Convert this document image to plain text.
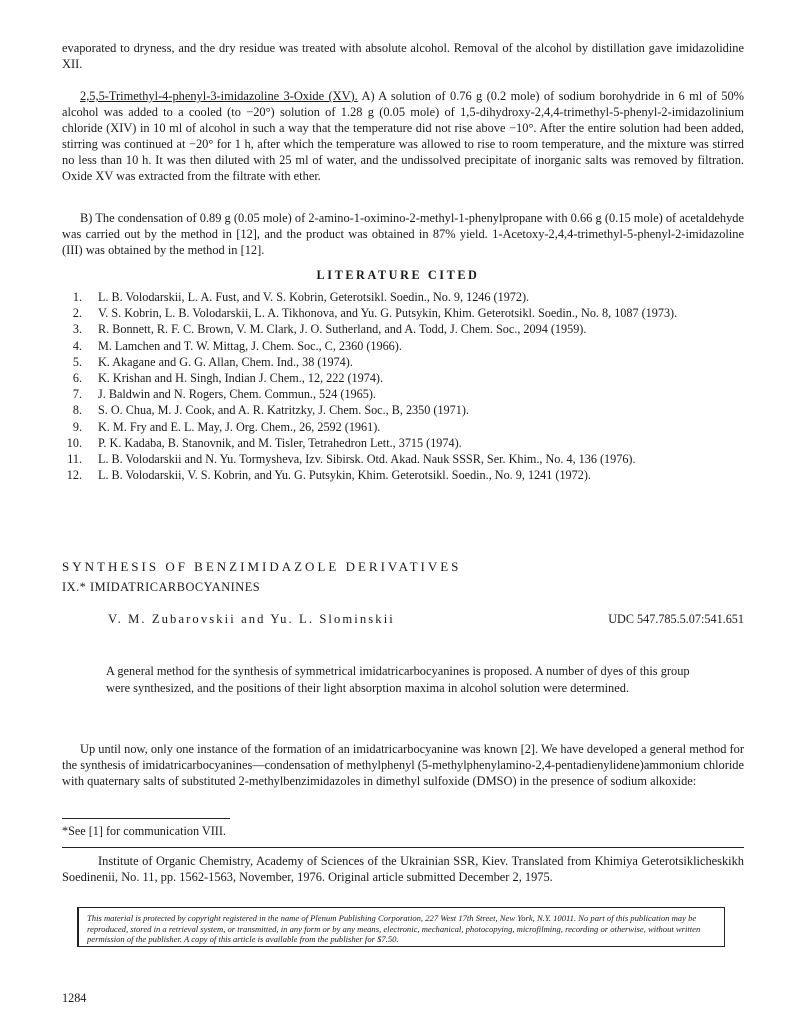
evaporated to dryness, and the dry residue was treated with absolute alcohol. Removal of the alcohol by distillation gave imidazolidine XII.

2,5,5-Trimethyl-4-phenyl-3-imidazoline 3-Oxide (XV). A) A solution of 0.76 g (0.2 mole) of sodium borohydride in 6 ml of 50% alcohol was added to a cooled (to −20°) solution of 1.28 g (0.05 mole) of 1,5-dihydroxy-2,4,4-trimethyl-5-phenyl-2-imidazolinium chloride (XIV) in 10 ml of alcohol in such a way that the temperature did not rise above −10°. After the entire solution had been added, stirring was continued at −20° for 1 h, after which the temperature was allowed to rise to room temperature, and the mixture was stirred no less than 10 h. It was then diluted with 25 ml of water, and the undissolved precipitate of inorganic salts was removed by filtration. Oxide XV was extracted from the filtrate with ether.

B) The condensation of 0.89 g (0.05 mole) of 2-amino-1-oximino-2-methyl-1-phenylpropane with 0.66 g (0.15 mole) of acetaldehyde was carried out by the method in [12], and the product was obtained in 87% yield. 1-Acetoxy-2,4,4-trimethyl-5-phenyl-2-imidazoline (III) was obtained by the method in [12].

LITERATURE CITED
1. L. B. Volodarskii, L. A. Fust, and V. S. Kobrin, Geterotsikl. Soedin., No. 9, 1246 (1972).
2. V. S. Kobrin, L. B. Volodarskii, L. A. Tikhonova, and Yu. G. Putsykin, Khim. Geterotsikl. Soedin., No. 8, 1087 (1973).
3. R. Bonnett, R. F. C. Brown, V. M. Clark, J. O. Sutherland, and A. Todd, J. Chem. Soc., 2094 (1959).
4. M. Lamchen and T. W. Mittag, J. Chem. Soc., C, 2360 (1966).
5. K. Akagane and G. G. Allan, Chem. Ind., 38 (1974).
6. K. Krishan and H. Singh, Indian J. Chem., 12, 222 (1974).
7. J. Baldwin and N. Rogers, Chem. Commun., 524 (1965).
8. S. O. Chua, M. J. Cook, and A. R. Katritzky, J. Chem. Soc., B, 2350 (1971).
9. K. M. Fry and E. L. May, J. Org. Chem., 26, 2592 (1961).
10. P. K. Kadaba, B. Stanovnik, and M. Tisler, Tetrahedron Lett., 3715 (1974).
11. L. B. Volodarskii and N. Yu. Tormysheva, Izv. Sibirsk. Otd. Akad. Nauk SSSR, Ser. Khim., No. 4, 136 (1976).
12. L. B. Volodarskii, V. S. Kobrin, and Yu. G. Putsykin, Khim. Geterotsikl. Soedin., No. 9, 1241 (1972).
SYNTHESIS OF BENZIMIDAZOLE DERIVATIVES
IX.* IMIDATRICARBOCYANINES

V. M. Zubarovskii and Yu. L. Slominskii	UDC 547.785.5.07:541.651

A general method for the synthesis of symmetrical imidatricarbocyanines is proposed. A number of dyes of this group were synthesized, and the positions of their light absorption maxima in alcohol solution were determined.

Up until now, only one instance of the formation of an imidatricarbocyanine was known [2]. We have developed a general method for the synthesis of imidatricarbocyanines—condensation of methylphenyl (5-methylphenylamino-2,4-pentadienylidene)ammonium chloride with quaternary salts of substituted 2-methylbenzimidazoles in dimethyl sulfoxide (DMSO) in the presence of sodium alkoxide:

*See [1] for communication VIII.

Institute of Organic Chemistry, Academy of Sciences of the Ukrainian SSR, Kiev. Translated from Khimiya Geterotsiklicheskikh Soedinenii, No. 11, pp. 1562-1563, November, 1976. Original article submitted December 2, 1975.

This material is protected by copyright registered in the name of Plenum Publishing Corporation, 227 West 17th Street, New York, N.Y. 10011. No part of this publication may be reproduced, stored in a retrieval system, or transmitted, in any form or by any means, electronic, mechanical, photocopying, microfilming, recording or otherwise, without written permission of the publisher. A copy of this article is available from the publisher for $7.50.

1284
